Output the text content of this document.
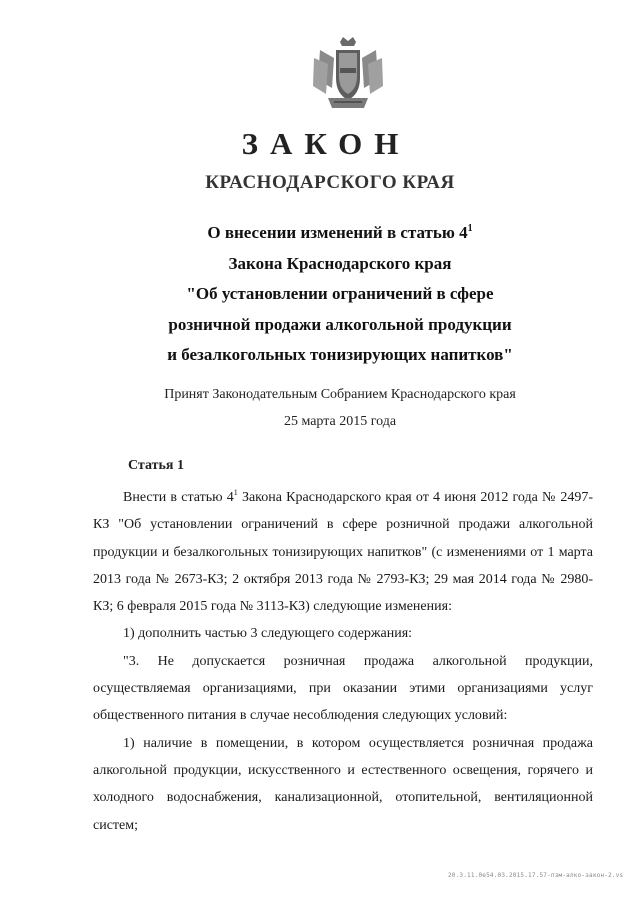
ЗАКОН
КРАСНОДАРСКОГО КРАЯ
О внесении изменений в статью $4^1$
Закона Краснодарского края
"Об установлении ограничений в сфере
розничной продажи алкогольной продукции
и безалкогольных тонизирующих напитков"
Принят Законодательным Собранием Краснодарского края
25 марта 2015 года
Статья 1

Внести в статью $4^1$ Закона Краснодарского края от 4 июня 2012 года № 2497-КЗ "Об установлении ограничений в сфере розничной продажи алкогольной продукции и безалкогольных тонизирующих напитков" (с изменениями от 1 марта 2013 года № 2673-КЗ; 2 октября 2013 года № 2793-КЗ; 29 мая 2014 года № 2980-КЗ; 6 февраля 2015 года № 3113-КЗ) следующие изменения:

1) дополнить частью 3 следующего содержания:

"3. Не допускается розничная продажа алкогольной продукции, осуществляемая организациями, при оказании этими организациями услуг общественного питания в случае несоблюдения следующих условий:

1) наличие в помещении, в котором осуществляется розничная продажа алкогольной продукции, искусственного и естественного освещения, горячего и холодного водоснабжения, канализационной, отопительной, вентиляционной систем;

20.3.11.0е54.03.2015.17.57-пзм-алко-закон-2.vs
